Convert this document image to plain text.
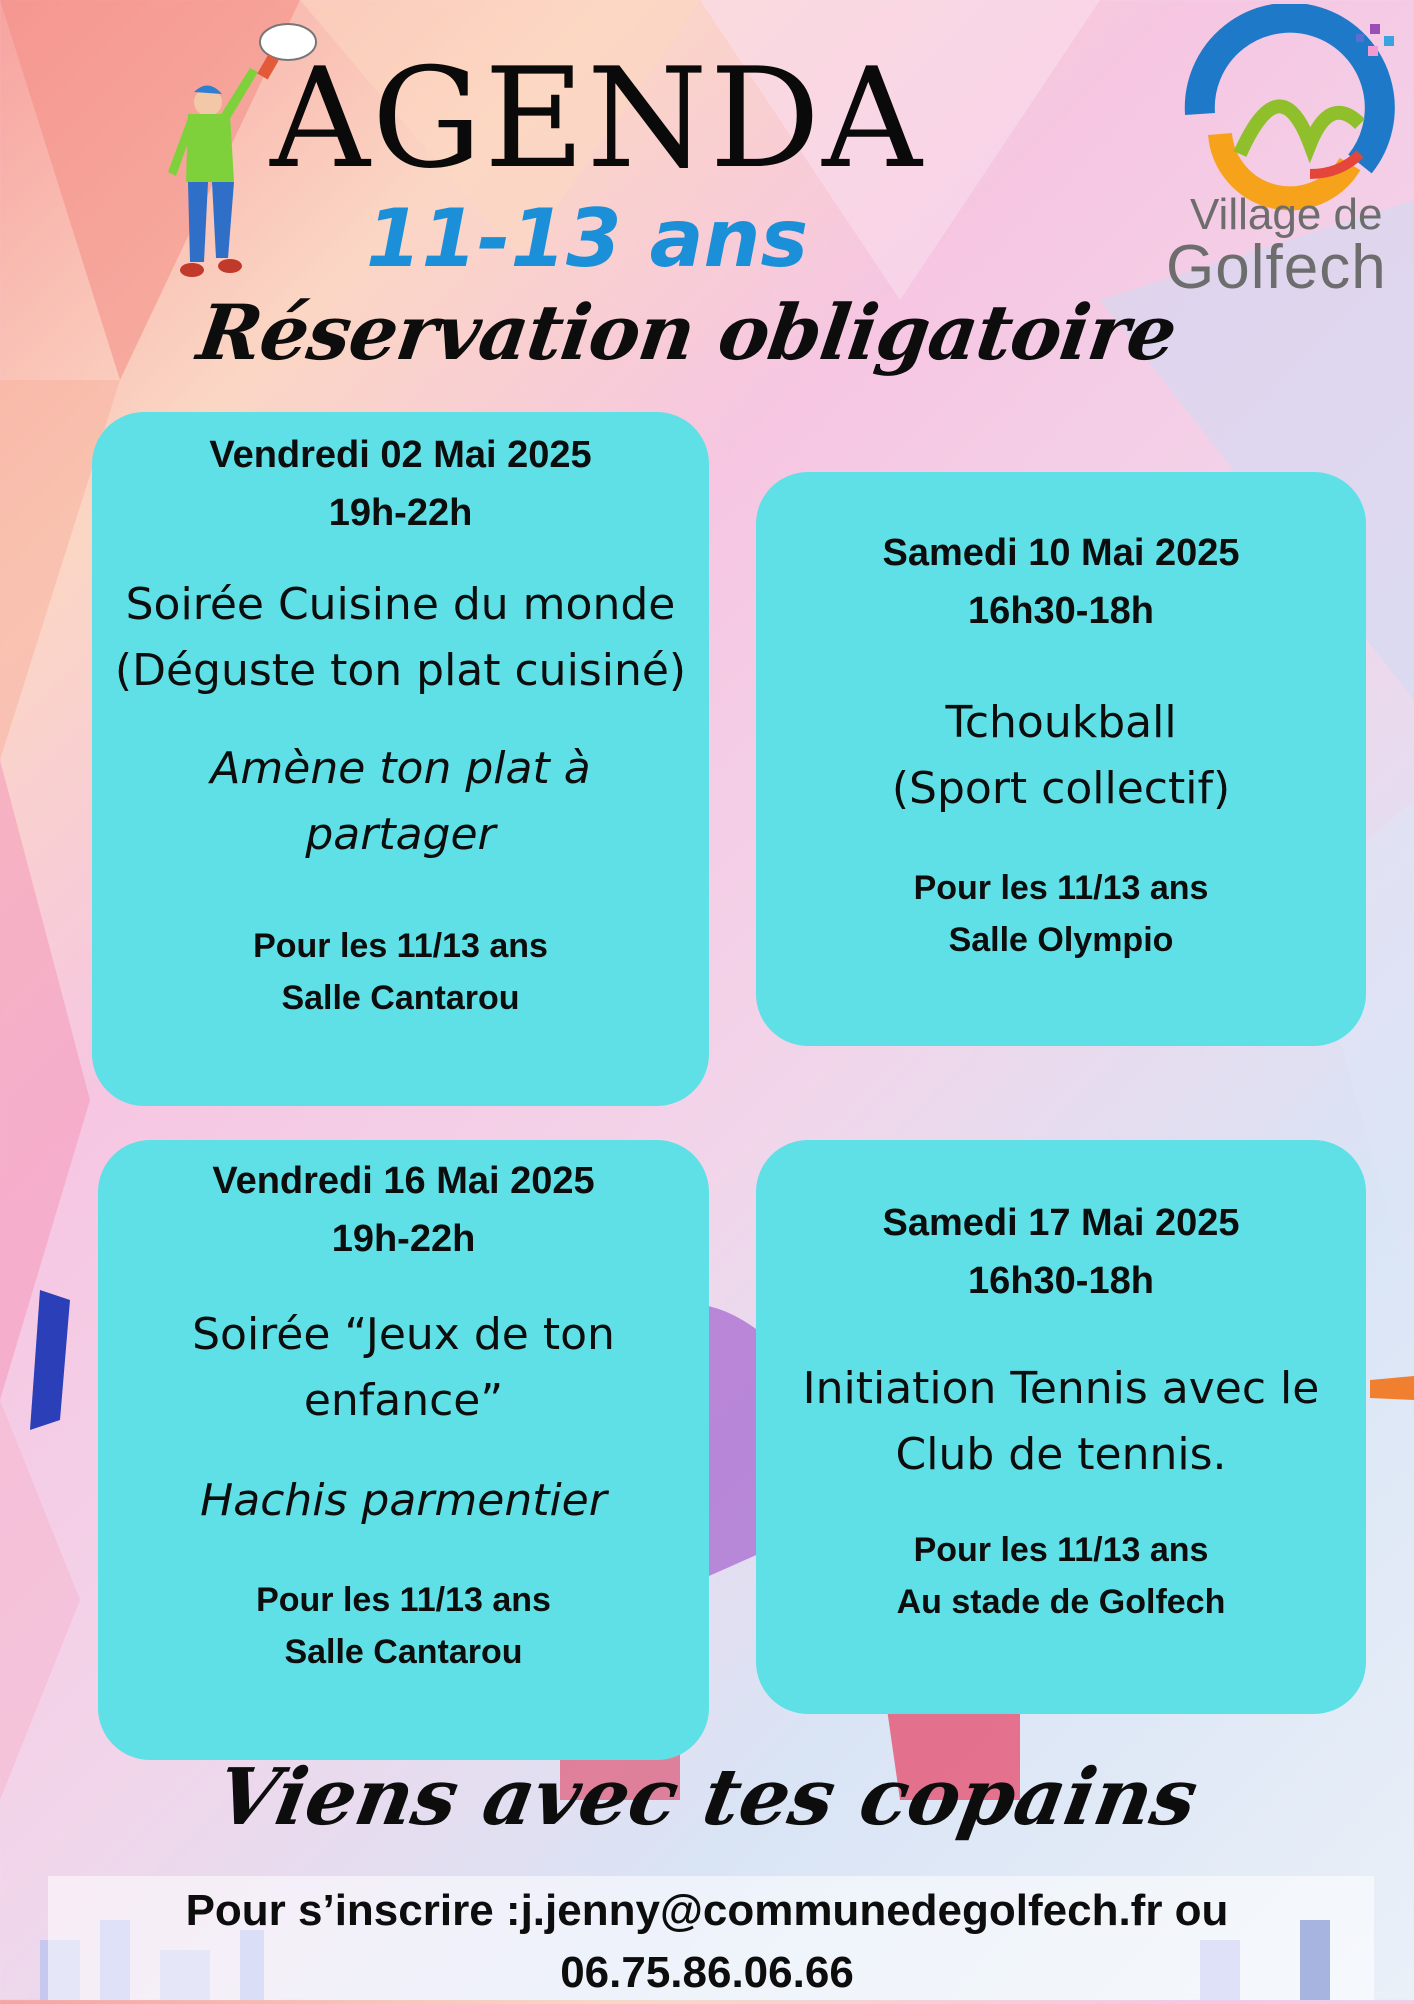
AGENDA
11-13 ans
Réservation obligatoire
Village de
Golfech
Vendredi 02 Mai 2025
19h-22h
Soirée Cuisine du monde
(Déguste ton plat cuisiné)
Amène ton plat à
partager
Pour les 11/13 ans
Salle Cantarou
Samedi 10 Mai 2025
16h30-18h
Tchoukball
(Sport collectif)
Pour les 11/13 ans
Salle Olympio
Vendredi 16 Mai 2025
19h-22h
Soirée “Jeux de ton
enfance”
Hachis parmentier
Pour les 11/13 ans
Salle Cantarou
Samedi 17 Mai 2025
16h30-18h
Initiation Tennis avec le
Club de tennis.
Pour les 11/13 ans
Au stade de Golfech
Viens avec tes copains
Pour s’inscrire :j.jenny@communedegolfech.fr ou
06.75.86.06.66
